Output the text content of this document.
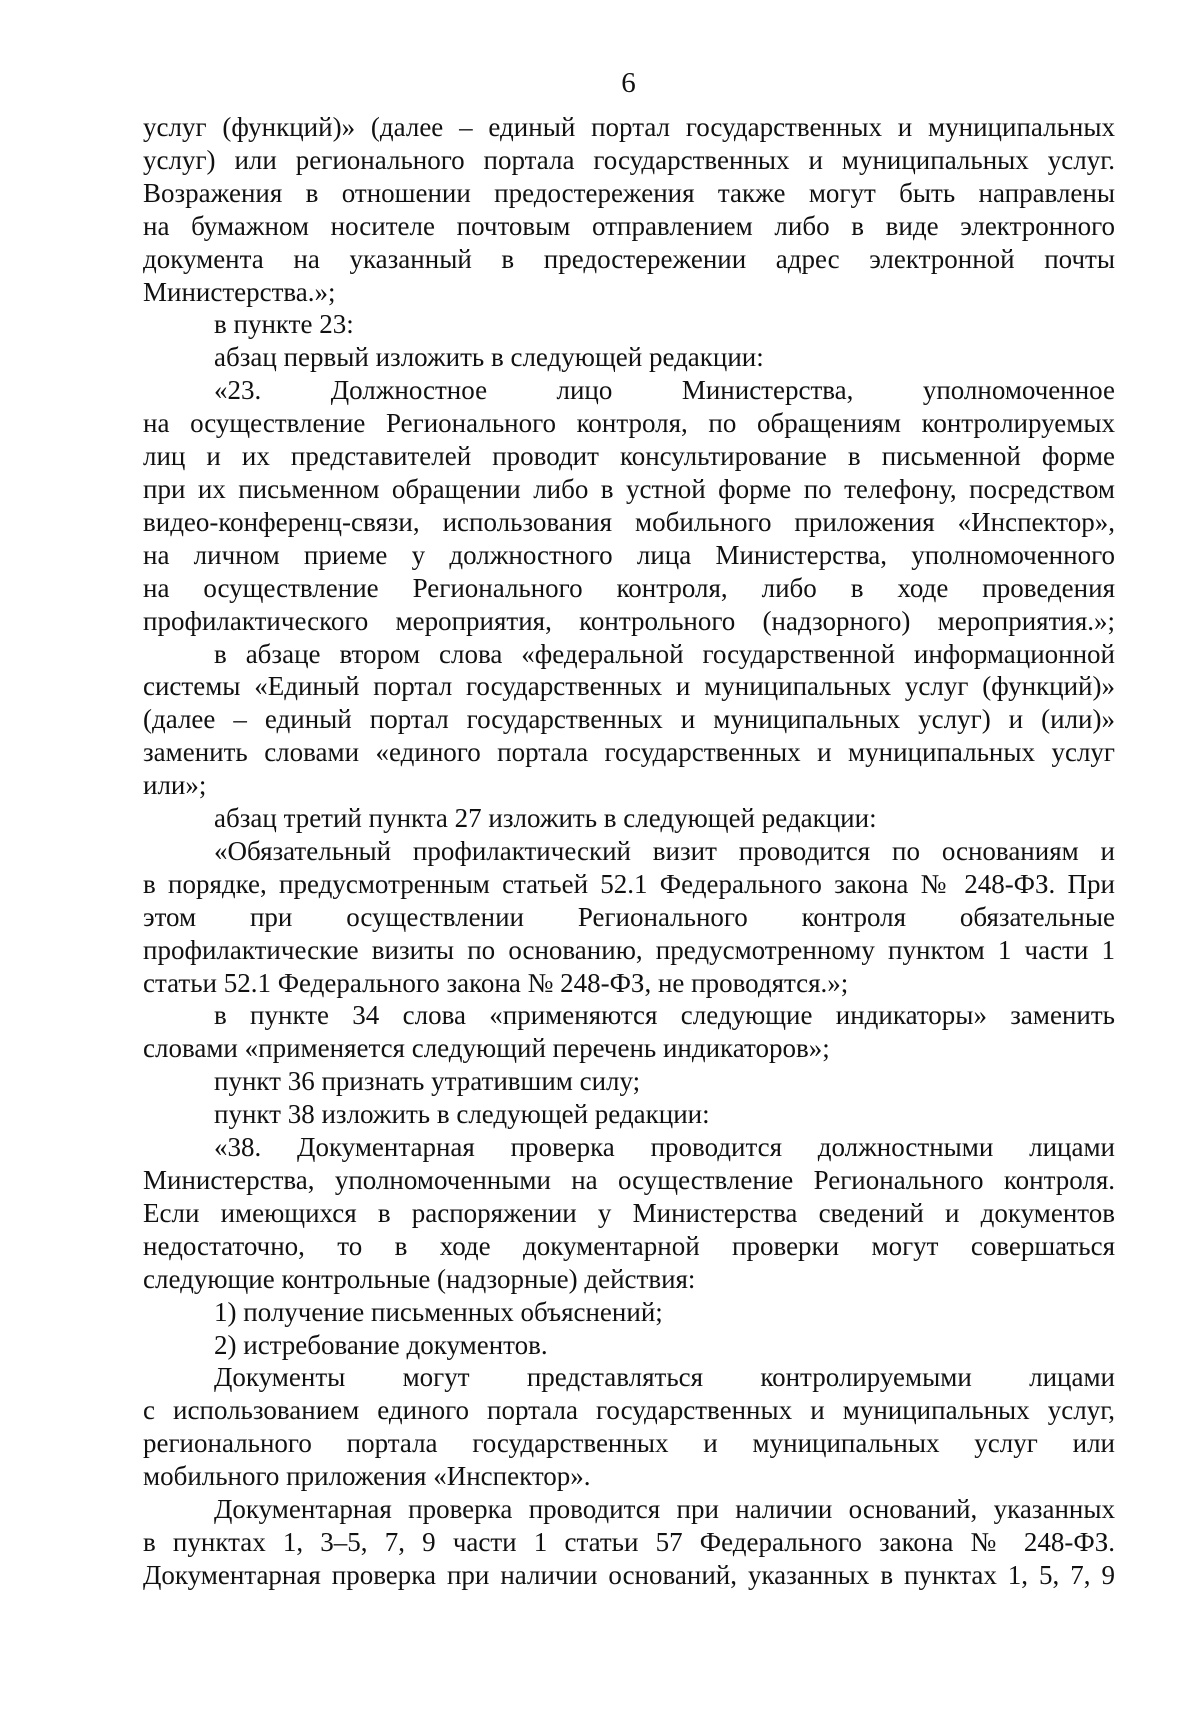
6
услуг (функций)» (далее – единый портал государственных и муниципальных
услуг) или регионального портала государственных и муниципальных услуг.
Возражения в отношении предостережения также могут быть направлены
на бумажном носителе почтовым отправлением либо в виде электронного
документа на указанный в предостережении адрес электронной почты
Министерства.»;
в пункте 23:
абзац первый изложить в следующей редакции:
«23. Должностное лицо Министерства, уполномоченное
на осуществление Регионального контроля, по обращениям контролируемых
лиц и их представителей проводит консультирование в письменной форме
при их письменном обращении либо в устной форме по телефону, посредством
видео-конференц-связи, использования мобильного приложения «Инспектор»,
на личном приеме у должностного лица Министерства, уполномоченного
на осуществление Регионального контроля, либо в ходе проведения
профилактического мероприятия, контрольного (надзорного) мероприятия.»;
в абзаце втором слова «федеральной государственной информационной
системы «Единый портал государственных и муниципальных услуг (функций)»
(далее – единый портал государственных и муниципальных услуг) и (или)»
заменить словами «единого портала государственных и муниципальных услуг
или»;
абзац третий пункта 27 изложить в следующей редакции:
«Обязательный профилактический визит проводится по основаниям и
в порядке, предусмотренным статьей 52.1 Федерального закона № 248-ФЗ. При
этом при осуществлении Регионального контроля обязательные
профилактические визиты по основанию, предусмотренному пунктом 1 части 1
статьи 52.1 Федерального закона № 248-ФЗ, не проводятся.»;
в пункте 34 слова «применяются следующие индикаторы» заменить
словами «применяется следующий перечень индикаторов»;
пункт 36 признать утратившим силу;
пункт 38 изложить в следующей редакции:
«38. Документарная проверка проводится должностными лицами
Министерства, уполномоченными на осуществление Регионального контроля.
Если имеющихся в распоряжении у Министерства сведений и документов
недостаточно, то в ходе документарной проверки могут совершаться
следующие контрольные (надзорные) действия:
1) получение письменных объяснений;
2) истребование документов.
Документы могут представляться контролируемыми лицами
с использованием единого портала государственных и муниципальных услуг,
регионального портала государственных и муниципальных услуг или
мобильного приложения «Инспектор».
Документарная проверка проводится при наличии оснований, указанных
в пунктах 1, 3–5, 7, 9 части 1 статьи 57 Федерального закона № 248-ФЗ.
Документарная проверка при наличии оснований, указанных в пунктах 1, 5, 7, 9
